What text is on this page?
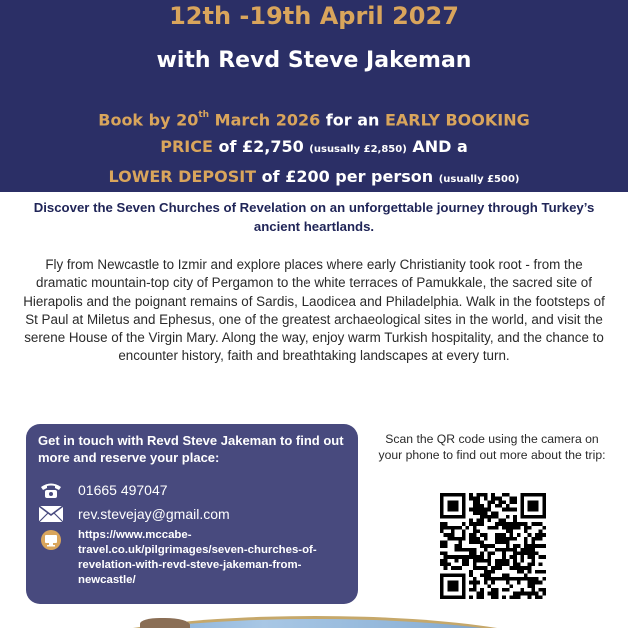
12th -19th April 2027
with Revd Steve Jakeman
Book by 20th March 2026 for an EARLY BOOKING
PRICE of £2,750 (ususally £2,850) AND a
LOWER DEPOSIT of £200 per person (usually £500)
Discover the Seven Churches of Revelation on an unforgettable journey through Turkey’s ancient heartlands.
Fly from Newcastle to Izmir and explore places where early Christianity took root - from the dramatic mountain-top city of Pergamon to the white terraces of Pamukkale, the sacred site of Hierapolis and the poignant remains of Sardis, Laodicea and Philadelphia. Walk in the footsteps of St Paul at Miletus and Ephesus, one of the greatest archaeological sites in the world, and visit the serene House of the Virgin Mary. Along the way, enjoy warm Turkish hospitality, and the chance to encounter history, faith and breathtaking landscapes at every turn.
Get in touch with Revd Steve Jakeman to find out more and reserve your place:
01665 497047
rev.stevejay@gmail.com
https://www.mccabe-travel.co.uk/pilgrimages/seven-churches-of-revelation-with-revd-steve-jakeman-from-newcastle/
Scan the QR code using the camera on your phone to find out more about the trip:
